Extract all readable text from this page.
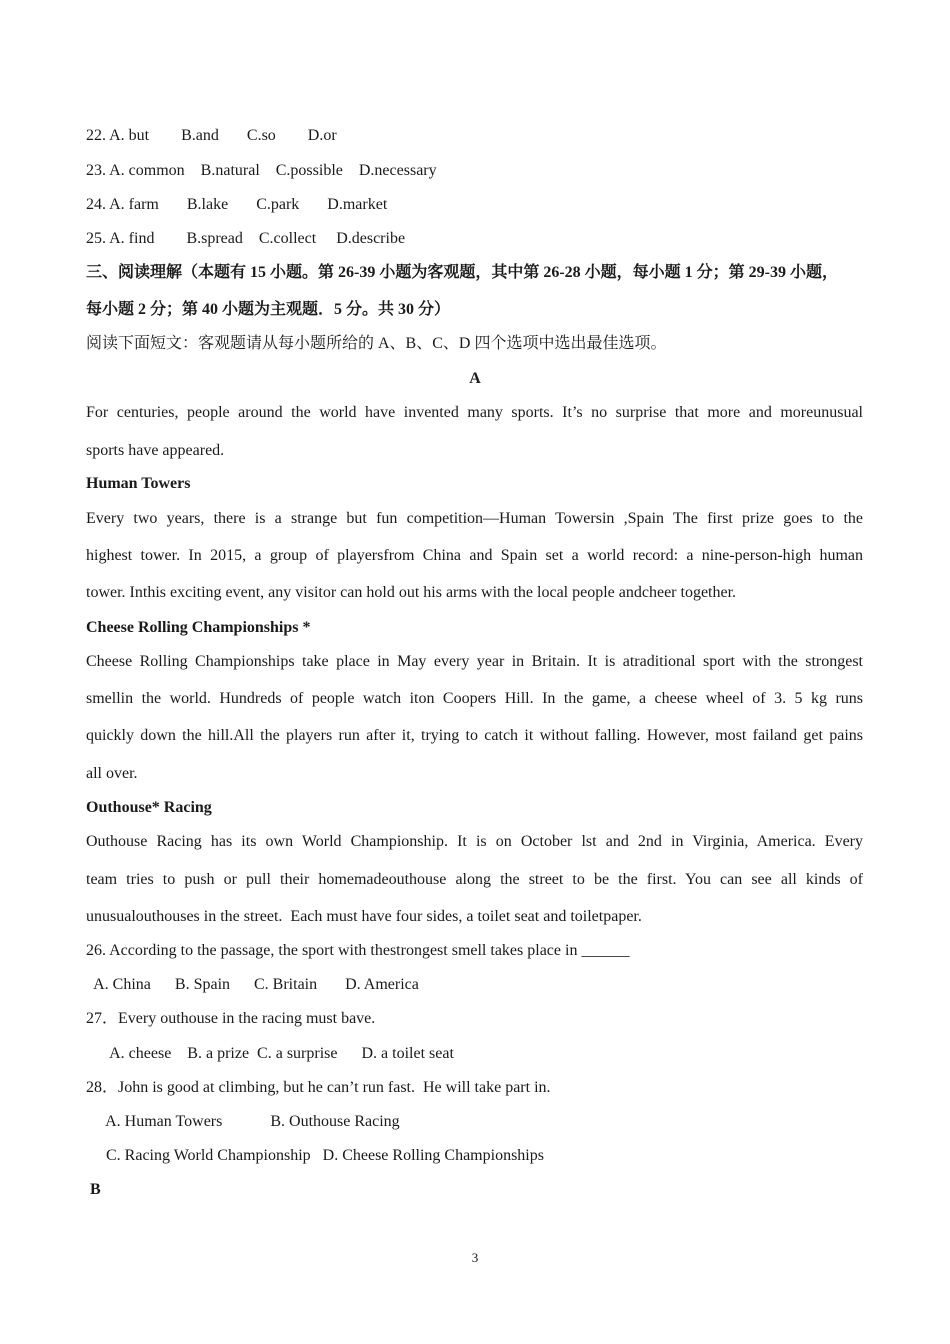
22. A. but        B.and       C.so        D.or
23. A. common    B.natural    C.possible    D.necessary
24. A. farm       B.lake       C.park       D.market
25. A. find        B.spread    C.collect     D.describe
三、阅读理解（本题有 15 小题。第 26-39 小题为客观题，其中第 26-28 小题，每小题 1 分；第 29-39 小题，
每小题 2 分；第 40 小题为主观题．5 分。共 30 分）
阅读下面短文：客观题请从每小题所给的 A、B、C、D 四个选项中选出最佳选项。
A
For centuries, people around the world have invented many sports. It’s no surprise that more and moreunusual
sports have appeared.
Human Towers
Every two years, there is a strange but fun competition—Human Towersin ,Spain The first prize goes to the
highest tower. In 2015, a group of playersfrom China and Spain set a world record: a nine-person-high human
tower. Inthis exciting event, any visitor can hold out his arms with the local people andcheer together.
Cheese Rolling Championships *
Cheese Rolling Championships take place in May every year in Britain. It is atraditional sport with the strongest
smellin the world. Hundreds of people watch iton Coopers Hill. In the game, a cheese wheel of 3. 5 kg runs
quickly down the hill.All the players run after it, trying to catch it without falling. However, most failand get pains
all over.
Outhouse* Racing
Outhouse Racing has its own World Championship. It is on October lst and 2nd in Virginia, America. Every
team tries to push or pull their homemadeouthouse along the street to be the first. You can see all kinds of
unusualouthouses in the street.  Each must have four sides, a toilet seat and toiletpaper.
26. According to the passage, the sport with thestrongest smell takes place in ______
A. China      B. Spain      C. Britain       D. America
27．Every outhouse in the racing must bave.
A. cheese    B. a prize  C. a surprise      D. a toilet seat
28．John is good at climbing, but he can’t run fast.  He will take part in.
A. Human Towers            B. Outhouse Racing
C. Racing World Championship   D. Cheese Rolling Championships
B
3
